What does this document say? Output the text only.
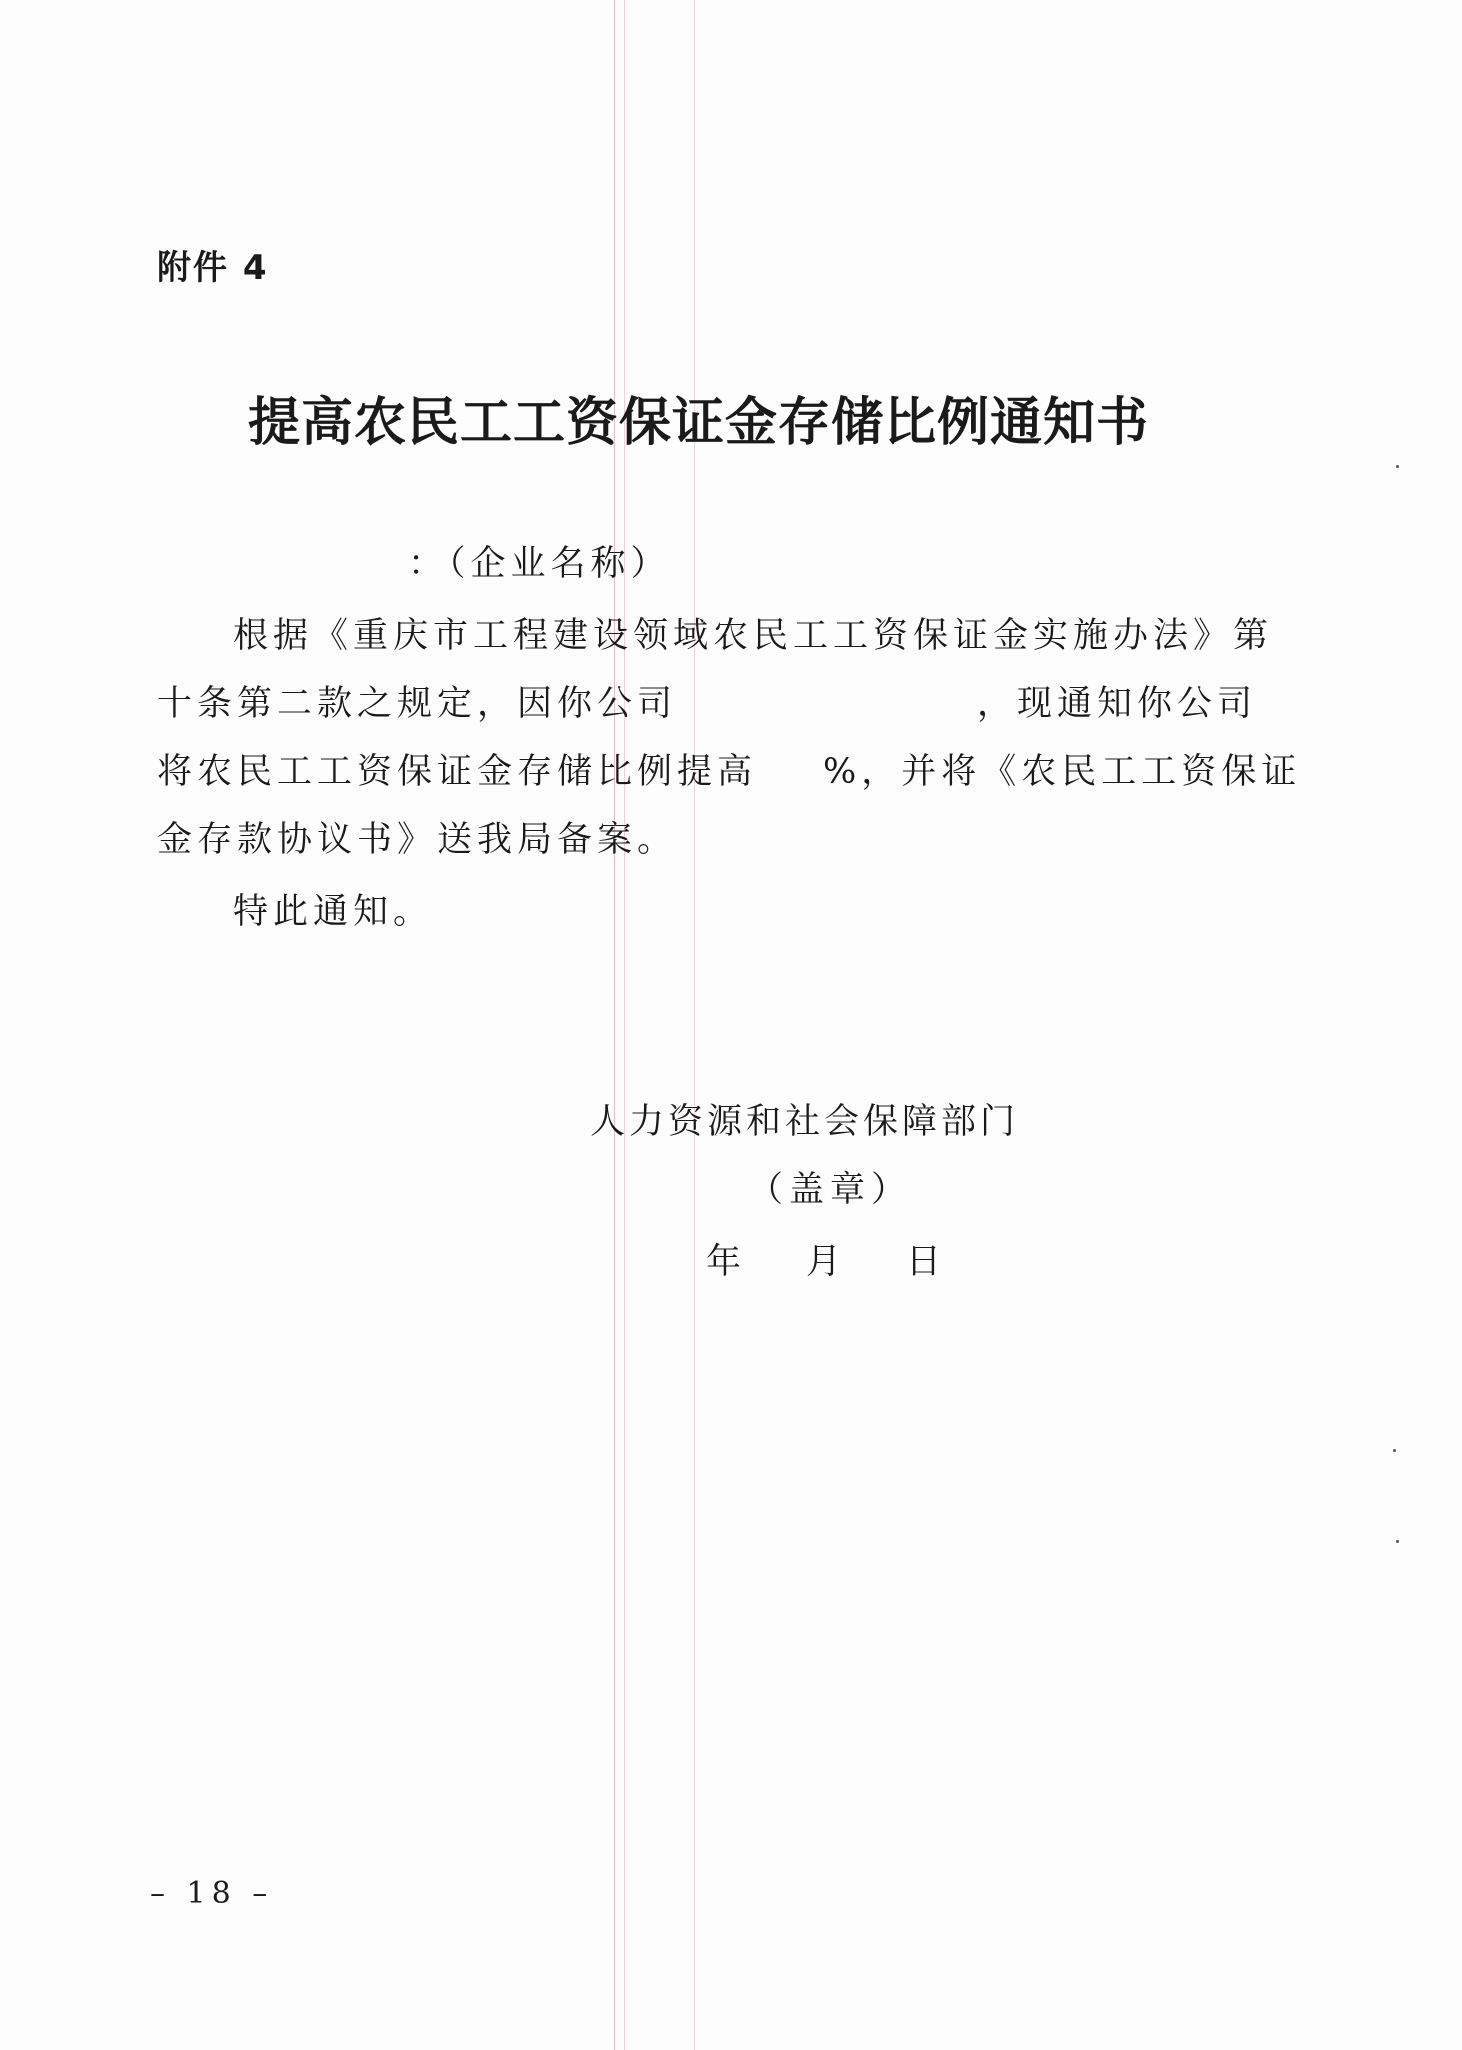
附件 4
提高农民工工资保证金存储比例通知书
：（企业名称）
根据《重庆市工程建设领域农民工工资保证金实施办法》第
十条第二款之规定，因你公司	，现通知你公司
将农民工工资保证金存储比例提高 %，并将《农民工工资保证
金存款协议书》送我局备案。
特此通知。
人力资源和社会保障部门
（盖章）
年 月 日
– 18 –
